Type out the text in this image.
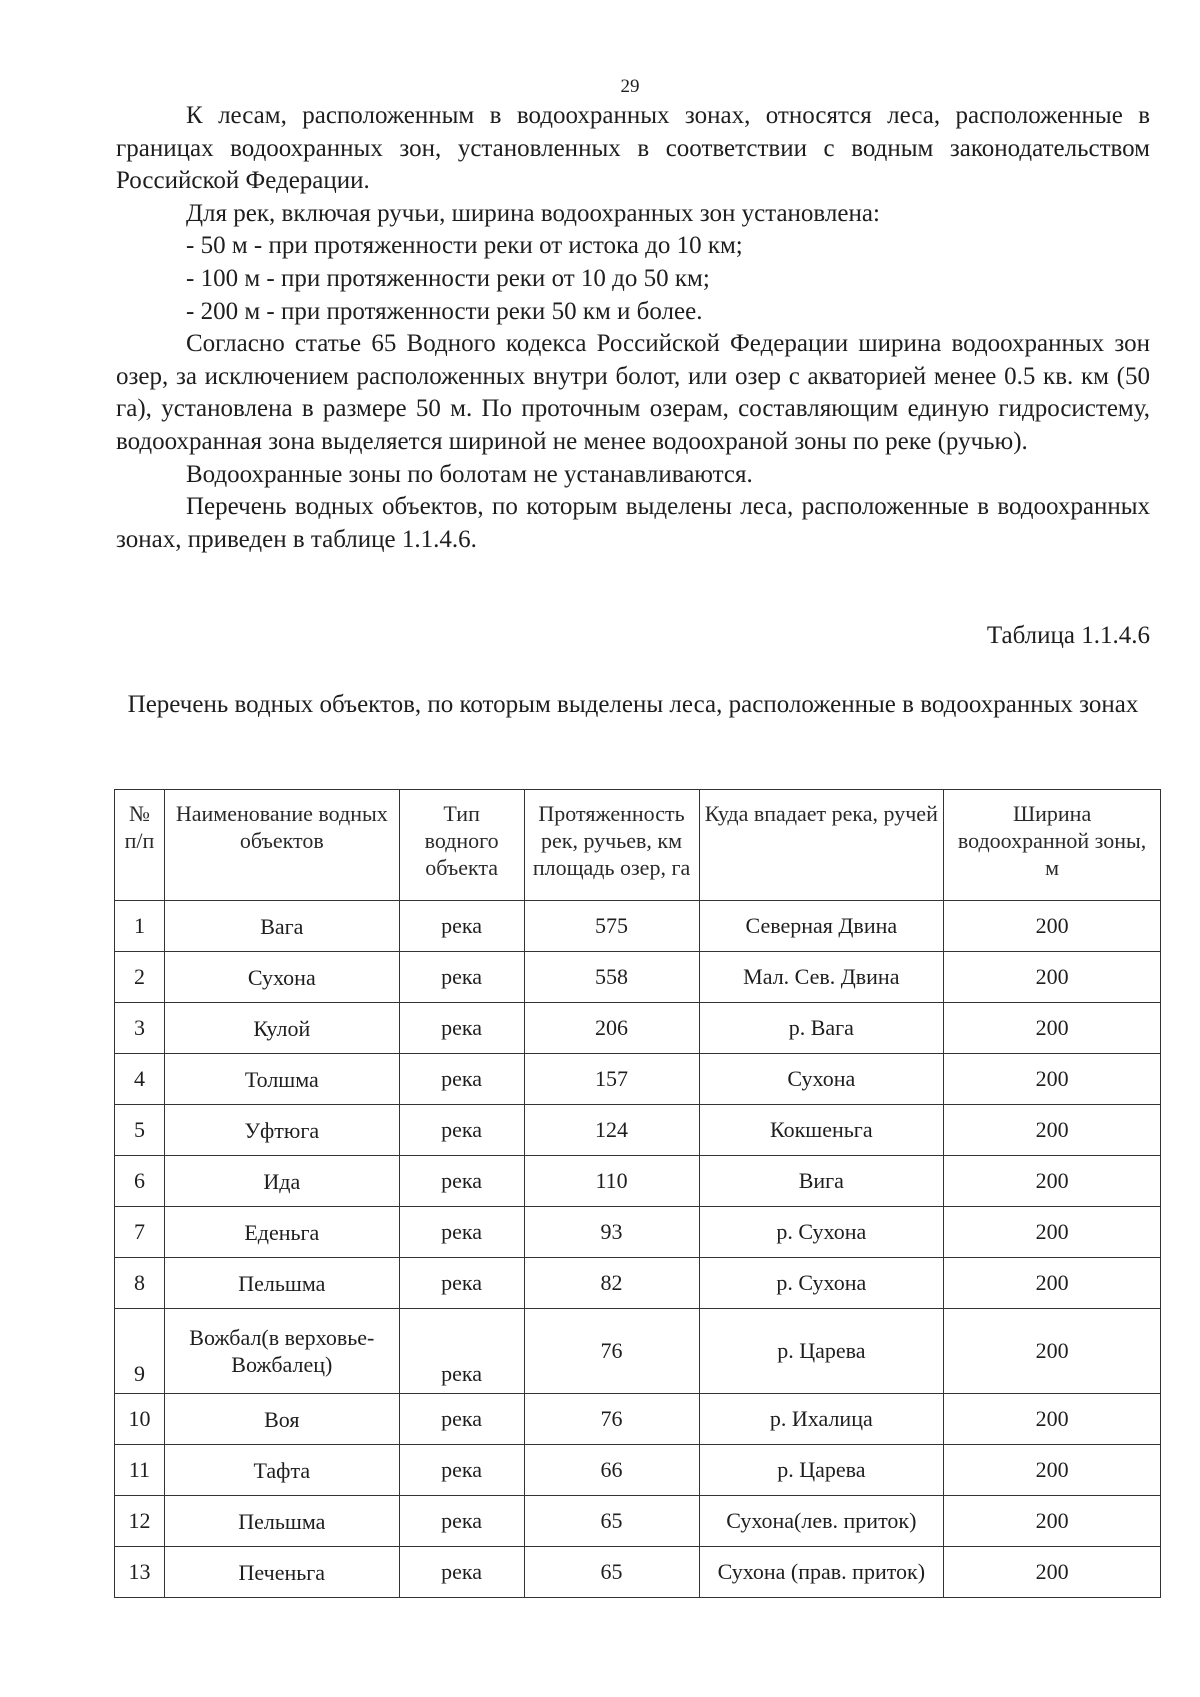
29

К лесам, расположенным в водоохранных зонах, относятся леса, расположенные в границах водоохранных зон, установленных в соответствии с водным законодательством Российской Федерации.

Для рек, включая ручьи, ширина водоохранных зон установлена:

- 50 м - при протяженности реки от истока до 10 км;

- 100 м - при протяженности реки от 10 до 50 км;

- 200 м - при протяженности реки 50 км и более.

Согласно статье 65 Водного кодекса Российской Федерации ширина водоохранных зон озер, за исключением расположенных внутри болот, или озер с акваторией менее 0.5 кв. км (50 га), установлена в размере 50 м. По проточным озерам, составляющим единую гидросистему, водоохранная зона выделяется шириной не менее водоохраной зоны по реке (ручью).

Водоохранные зоны по болотам не устанавливаются.

Перечень водных объектов, по которым выделены леса, расположенные в водоохранных зонах, приведен в таблице 1.1.4.6.

Таблица 1.1.4.6
Перечень водных объектов, по которым выделены леса, расположенные в водоохранных зонах
№ п/п	Наименование водных объектов	Тип водного объекта	Протяженность рек, ручьев, км площадь озер, га	Куда впадает река, ручей	Ширина водоохранной зоны, м
1	Вага	река	575	Северная Двина	200
2	Сухона	река	558	Мал. Сев. Двина	200
3	Кулой	река	206	р. Вага	200
4	Толшма	река	157	Сухона	200
5	Уфтюга	река	124	Кокшеньга	200
6	Ида	река	110	Вига	200
7	Еденьга	река	93	р. Сухона	200
8	Пельшма	река	82	р. Сухона	200
9	Вожбал(в верховье- Вожбалец)	река	76	р. Царева	200
10	Воя	река	76	р. Ихалица	200
11	Тафта	река	66	р. Царева	200
12	Пельшма	река	65	Сухона(лев. приток)	200
13	Печеньга	река	65	Сухона (прав. приток)	200
